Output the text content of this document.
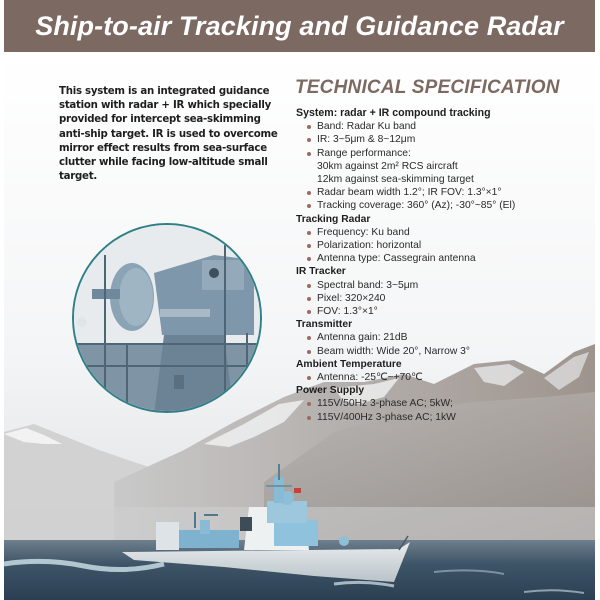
Ship-to-air Tracking and Guidance Radar

This system is an integrated guidance station with radar + IR which specially provided for intercept sea-skimming anti-ship target. IR is used to overcome mirror effect results from sea-surface clutter while facing low-altitude small target.

TECHNICAL SPECIFICATION

System: radar + IR compound tracking

Band: Radar Ku band
IR: 3~5μm & 8~12μm
Range performance:
30km against 2m² RCS aircraft
12km against sea-skimming target
Radar beam width 1.2°; IR FOV: 1.3°×1°
Tracking coverage: 360° (Az); -30°~85° (El)

Tracking Radar

Frequency: Ku band
Polarization: horizontal
Antenna type: Cassegrain antenna

IR Tracker

Spectral band: 3~5μm
Pixel: 320×240
FOV: 1.3°×1°

Transmitter

Antenna gain: 21dB
Beam width: Wide 20°, Narrow 3°

Ambient Temperature

Antenna: -25℃~+70℃

Power Supply

115V/50Hz 3-phase AC; 5kW;
115V/400Hz 3-phase AC; 1kW
